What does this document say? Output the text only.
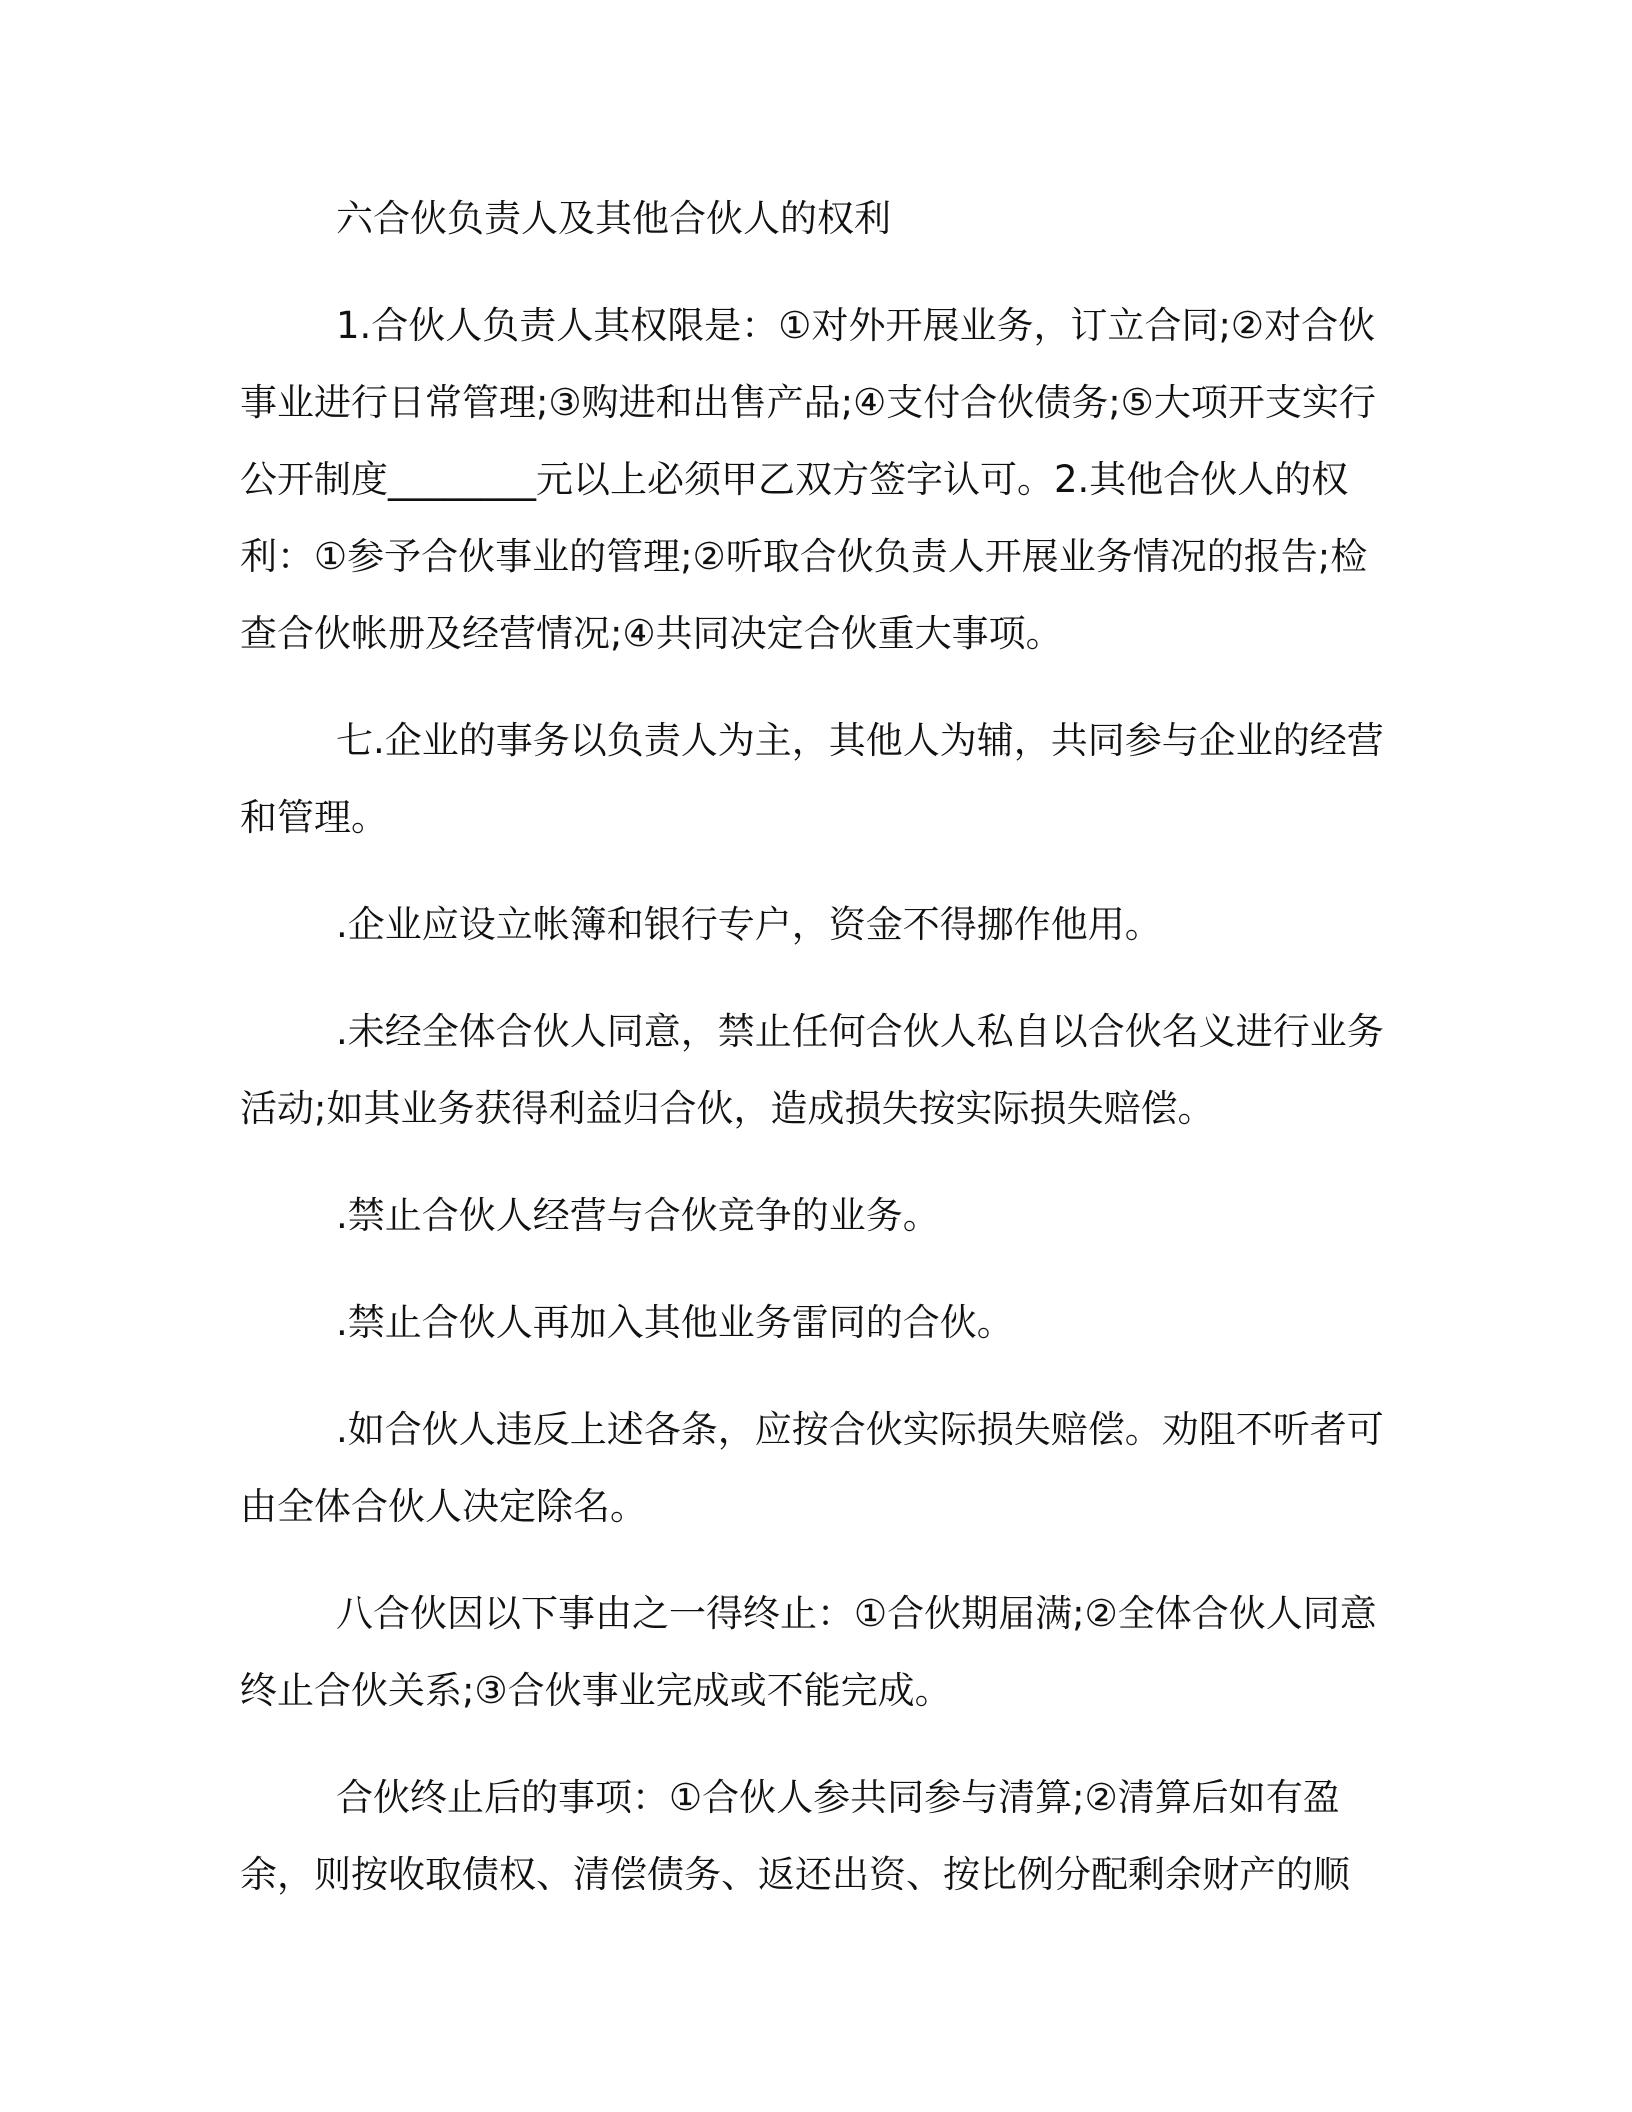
六合伙负责人及其他合伙人的权利

1.合伙人负责人其权限是：①对外开展业务，订立合同;②对合伙事业进行日常管理;③购进和出售产品;④支付合伙债务;⑤大项开支实行公开制度________元以上必须甲乙双方签字认可。2.其他合伙人的权利：①参予合伙事业的管理;②听取合伙负责人开展业务情况的报告;检查合伙帐册及经营情况;④共同决定合伙重大事项。

七.企业的事务以负责人为主，其他人为辅，共同参与企业的经营和管理。

.企业应设立帐簿和银行专户，资金不得挪作他用。

.未经全体合伙人同意，禁止任何合伙人私自以合伙名义进行业务活动;如其业务获得利益归合伙，造成损失按实际损失赔偿。

.禁止合伙人经营与合伙竞争的业务。

.禁止合伙人再加入其他业务雷同的合伙。

.如合伙人违反上述各条，应按合伙实际损失赔偿。劝阻不听者可由全体合伙人决定除名。

八合伙因以下事由之一得终止：①合伙期届满;②全体合伙人同意终止合伙关系;③合伙事业完成或不能完成。

合伙终止后的事项：①合伙人参共同参与清算;②清算后如有盈余，则按收取债权、清偿债务、返还出资、按比例分配剩余财产的顺
